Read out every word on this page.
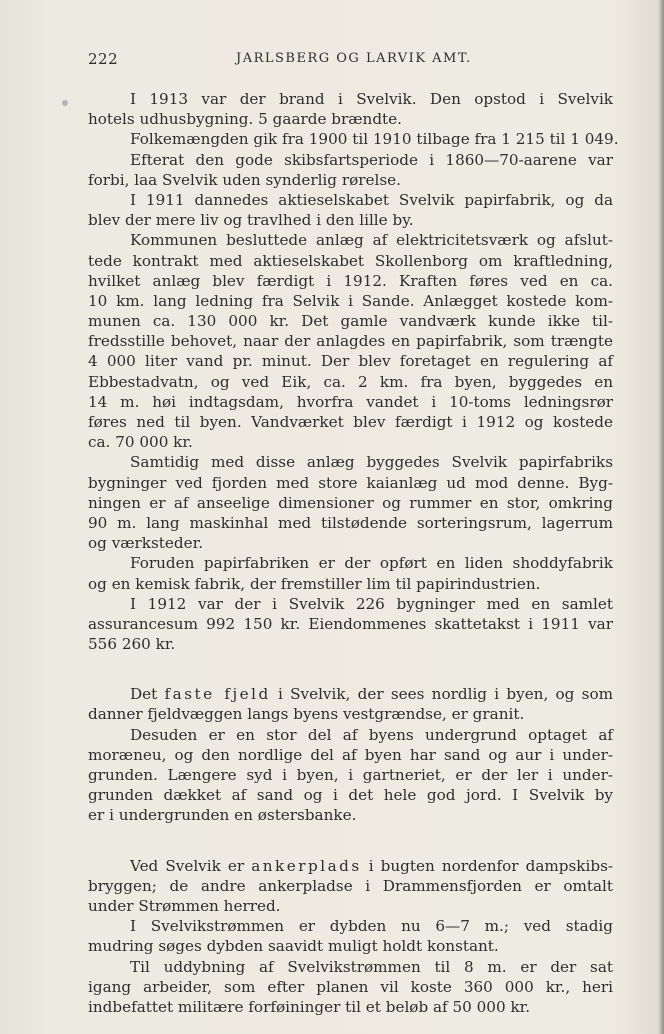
222	JARLSBERG OG LARVIK AMT.
I 1913 var der brand i Svelvik. Den opstod i Svelvik
hotels udhusbygning. 5 gaarde brændte.
Folkemængden gik fra 1900 til 1910 tilbage fra 1 215 til 1 049.
Efterat den gode skibsfartsperiode i 1860—70-aarene var
forbi, laa Svelvik uden synderlig rørelse.
I 1911 dannedes aktieselskabet Svelvik papirfabrik, og da
blev der mere liv og travlhed i den lille by.
Kommunen besluttede anlæg af elektricitetsværk og afslut-
tede kontrakt med aktieselskabet Skollenborg om kraftledning,
hvilket anlæg blev færdigt i 1912. Kraften føres ved en ca.
10 km. lang ledning fra Selvik i Sande. Anlægget kostede kom-
munen ca. 130 000 kr. Det gamle vandværk kunde ikke til-
fredsstille behovet, naar der anlagdes en papirfabrik, som trængte
4 000 liter vand pr. minut. Der blev foretaget en regulering af
Ebbestadvatn, og ved Eik, ca. 2 km. fra byen, byggedes en
14 m. høi indtagsdam, hvorfra vandet i 10-toms ledningsrør
føres ned til byen. Vandværket blev færdigt i 1912 og kostede
ca. 70 000 kr.
Samtidig med disse anlæg byggedes Svelvik papirfabriks
bygninger ved fjorden med store kaianlæg ud mod denne. Byg-
ningen er af anseelige dimensioner og rummer en stor, omkring
90 m. lang maskinhal med tilstødende sorteringsrum, lagerrum
og værksteder.
Foruden papirfabriken er der opført en liden shoddyfabrik
og en kemisk fabrik, der fremstiller lim til papirindustrien.
I 1912 var der i Svelvik 226 bygninger med en samlet
assurancesum 992 150 kr. Eiendommenes skattetakst i 1911 var
556 260 kr.
Det faste fjeld i Svelvik, der sees nordlig i byen, og som
danner fjeldvæggen langs byens vestgrændse, er granit.
Desuden er en stor del af byens undergrund optaget af
moræneu, og den nordlige del af byen har sand og aur i under-
grunden. Længere syd i byen, i gartneriet, er der ler i under-
grunden dækket af sand og i det hele god jord. I Svelvik by
er i undergrunden en østersbanke.
Ved Svelvik er ankerplads i bugten nordenfor dampskibs-
bryggen; de andre ankerpladse i Drammensfjorden er omtalt
under Strømmen herred.
I Svelvikstrømmen er dybden nu 6—7 m.; ved stadig
mudring søges dybden saavidt muligt holdt konstant.
Til uddybning af Svelvikstrømmen til 8 m. er der sat
igang arbeider, som efter planen vil koste 360 000 kr., heri
indbefattet militære forføininger til et beløb af 50 000 kr.
